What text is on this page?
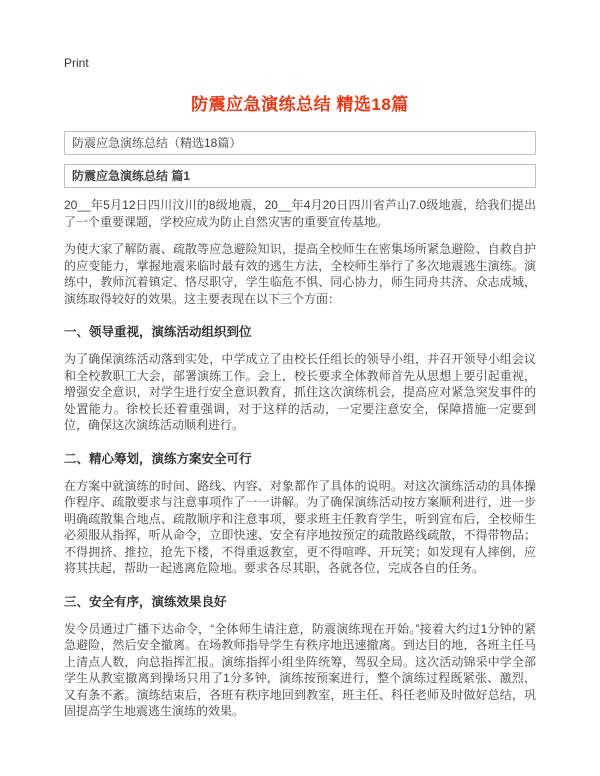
Print
防震应急演练总结 精选18篇
防震应急演练总结（精选18篇）
防震应急演练总结 篇1

20__年5月12日四川汶川的8级地震，20__年4月20日四川省芦山7.0级地震，给我们提出了一个重要课题，学校应成为防止自然灾害的重要宣传基地。

为使大家了解防震、疏散等应急避险知识，提高全校师生在密集场所紧急避险、自救自护的应变能力，掌握地震来临时最有效的逃生方法，全校师生举行了多次地震逃生演练。演练中，教师沉着镇定、恪尽职守，学生临危不惧、同心协力，师生同舟共济、众志成城，演练取得较好的效果。这主要表现在以下三个方面：

一、领导重视，演练活动组织到位

为了确保演练活动落到实处，中学成立了由校长任组长的领导小组，并召开领导小组会议和全校教职工大会，部署演练工作。会上，校长要求全体教师首先从思想上要引起重视，增强安全意识，对学生进行安全意识教育，抓住这次演练机会，提高应对紧急突发事件的处置能力。徐校长还着重强调，对于这样的活动，一定要注意安全，保障措施一定要到位，确保这次演练活动顺利进行。

二、精心筹划，演练方案安全可行

在方案中就演练的时间、路线、内容、对象都作了具体的说明。对这次演练活动的具体操作程序、疏散要求与注意事项作了一一讲解。为了确保演练活动按方案顺利进行，进一步明确疏散集合地点、疏散顺序和注意事项，要求班主任教育学生，听到宣布后，全校师生必须服从指挥，听从命令，立即快速、安全有序地按预定的疏散路线疏散，不得带物品；不得拥挤、推拉，抢先下楼，不得重返教室，更不得喧哗、开玩笑；如发现有人摔倒，应将其扶起，帮助一起逃离危险地。要求各尽其职，各就各位，完成各自的任务。

三、安全有序，演练效果良好

发令员通过广播下达命令，“全体师生请注意，防震演练现在开始。”接着大约过1分钟的紧急避险，然后安全撤离。在场教师指导学生有秩序地迅速撤离。到达目的地，各班主任马上清点人数，向总指挥汇报。演练指挥小组坐阵统筹，驾驭全局。这次活动锦采中学全部学生从教室撤离到操场只用了1分多钟，演练按预案进行，整个演练过程既紧张、激烈，又有条不紊。演练结束后，各班有秩序地回到教室，班主任、科任老师及时做好总结，巩固提高学生地震逃生演练的效果。
